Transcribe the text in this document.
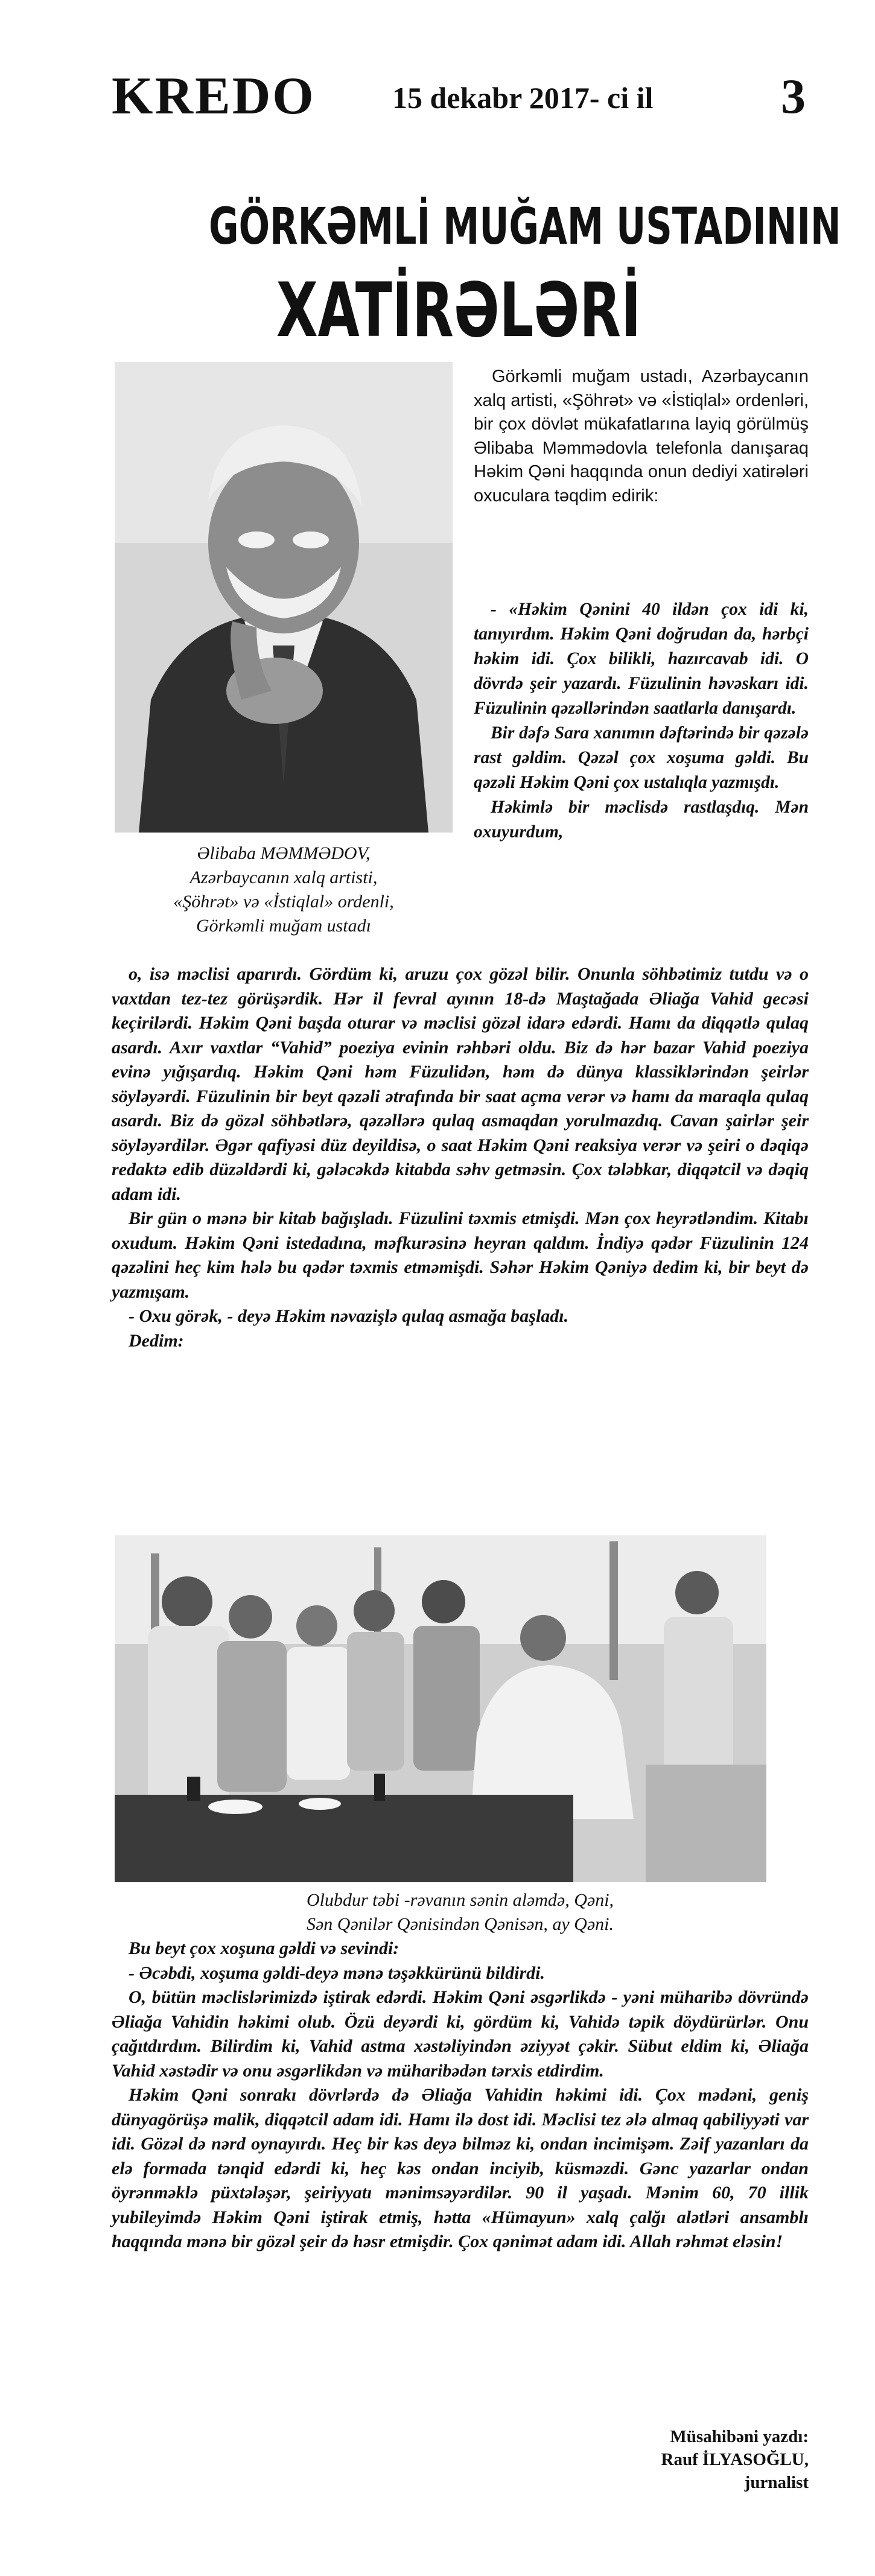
KREDO	15 dekabr 2017- ci il	3
GÖRKƏMLİ MUĞAM USTADININ
XATİRƏLƏRİ
Əlibaba MƏMMƏDOV,
Azərbaycanın xalq artisti,
«Şöhrət» və «İstiqlal» ordenli,
Görkəmli muğam ustadı

Görkəmli muğam ustadı, Azərbaycanın xalq artisti, «Şöhrət» və «İstiqlal» ordenləri, bir çox dövlət mükafatlarına layiq görülmüş Əlibaba Məmmədovla telefonla danışaraq Həkim Qəni haqqında onun dediyi xatirələri oxuculara təqdim edirik:

- «Həkim Qənini 40 ildən çox idi ki, tanıyırdım. Həkim Qəni doğrudan da, hərbçi həkim idi. Çox bilikli, hazırcavab idi. O dövrdə şeir yazardı. Füzulinin həvəskarı idi. Füzulinin qəzəllərindən saatlarla danışardı.

Bir dəfə Sara xanımın dəftərində bir qəzələ rast gəldim. Qəzəl çox xoşuma gəldi. Bu qəzəli Həkim Qəni çox ustalıqla yazmışdı.

Həkimlə bir məclisdə rastlaşdıq. Mən oxuyurdum,

o, isə məclisi aparırdı. Gördüm ki, aruzu çox gözəl bilir. Onunla söhbətimiz tutdu və o vaxtdan tez-tez görüşərdik. Hər il fevral ayının 18-də Maştağada Əliağa Vahid gecəsi keçirilərdi. Həkim Qəni başda oturar və məclisi gözəl idarə edərdi. Hamı da diqqətlə qulaq asardı. Axır vaxtlar “Vahid” poeziya evinin rəhbəri oldu. Biz də hər bazar Vahid poeziya evinə yığışardıq. Həkim Qəni həm Füzulidən, həm də dünya klassiklərindən şeirlər söyləyərdi. Füzulinin bir beyt qəzəli ətrafında bir saat açma verər və hamı da maraqla qulaq asardı. Biz də gözəl söhbətlərə, qəzəllərə qulaq asmaqdan yorulmazdıq. Cavan şairlər şeir söyləyərdilər. Əgər qafiyəsi düz deyildisə, o saat Həkim Qəni reaksiya verər və şeiri o dəqiqə redaktə edib düzəldərdi ki, gələcəkdə kitabda səhv getməsin. Çox tələbkar, diqqətcil və dəqiq adam idi.

Bir gün o mənə bir kitab bağışladı. Füzulini təxmis etmişdi. Mən çox heyrətləndim. Kitabı oxudum. Həkim Qəni istedadına, məfkurəsinə heyran qaldım. İndiyə qədər Füzulinin 124 qəzəlini heç kim hələ bu qədər təxmis etməmişdi. Səhər Həkim Qəniyə dedim ki, bir beyt də yazmışam.

- Oxu görək, - deyə Həkim nəvazişlə qulaq asmağa başladı.

Dedim:

Olubdur təbi -rəvanın sənin aləmdə, Qəni,
Sən Qənilər Qənisindən Qənisən, ay Qəni.

Bu beyt çox xoşuna gəldi və sevindi:

- Əcəbdi, xoşuma gəldi-deyə mənə təşəkkürünü bildirdi.

O, bütün məclislərimizdə iştirak edərdi. Həkim Qəni əsgərlikdə - yəni müharibə dövründə Əliağa Vahidin həkimi olub. Özü deyərdi ki, gördüm ki, Vahidə təpik döydürürlər. Onu çağıtdırdım. Bilirdim ki, Vahid astma xəstəliyindən əziyyət çəkir. Sübut eldim ki, Əliağa Vahid xəstədir və onu əsgərlikdən və müharibədən tərxis etdirdim.

Həkim Qəni sonrakı dövrlərdə də Əliağa Vahidin həkimi idi. Çox mədəni, geniş dünyagörüşə malik, diqqətcil adam idi. Hamı ilə dost idi. Məclisi tez ələ almaq qabiliyyəti var idi. Gözəl də nərd oynayırdı. Heç bir kəs deyə bilməz ki, ondan incimişəm. Zəif yazanları da elə formada tənqid edərdi ki, heç kəs ondan inciyib, küsməzdi. Gənc yazarlar ondan öyrənməklə püxtələşər, şeiriyyatı mənimsəyərdilər. 90 il yaşadı. Mənim 60, 70 illik yubileyimdə Həkim Qəni iştirak etmiş, hətta «Hümayun» xalq çalğı alətləri ansamblı haqqında mənə bir gözəl şeir də həsr etmişdir. Çox qənimət adam idi. Allah rəhmət eləsin!

Müsahibəni yazdı:
Rauf İLYASOĞLU,
jurnalist
